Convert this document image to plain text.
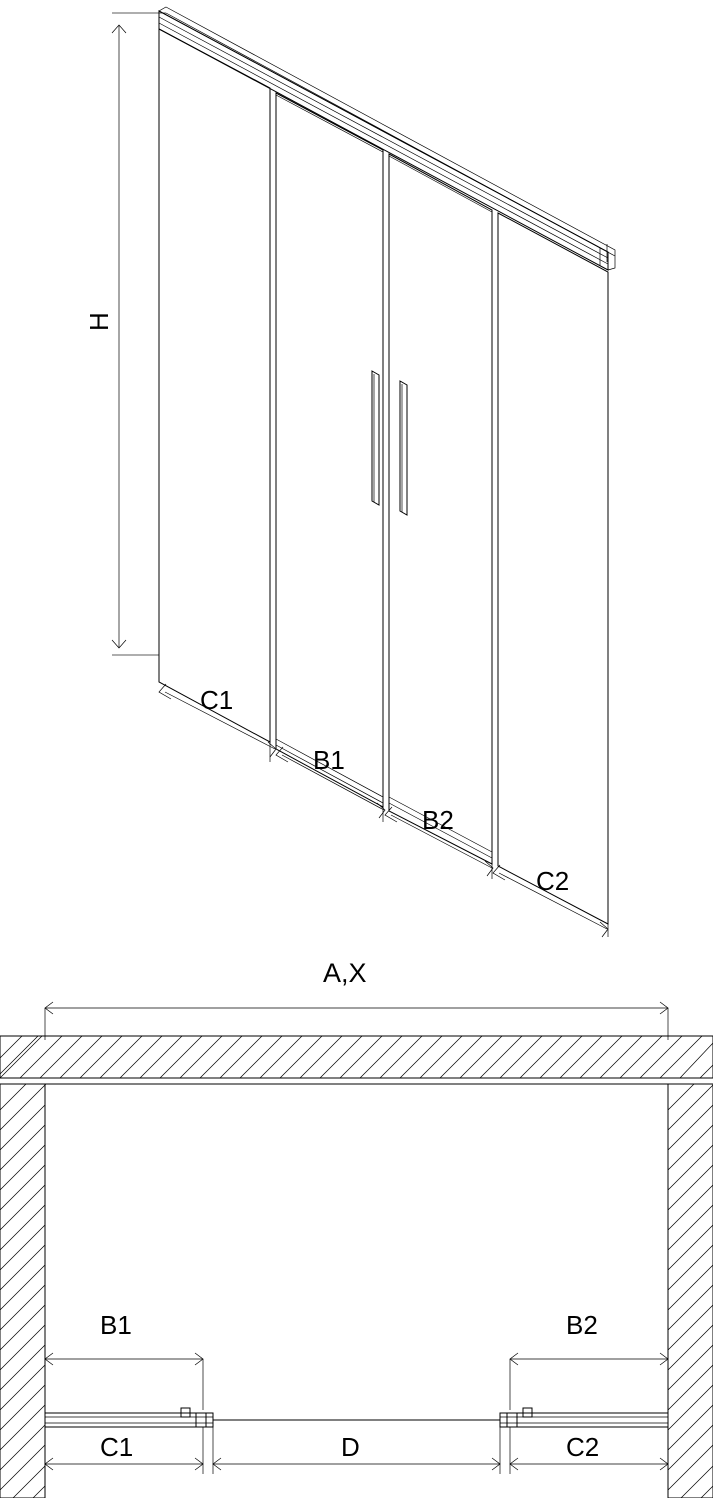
H
C1
B1
B2
C2
A,X
B1	B2
C1	D	C2
